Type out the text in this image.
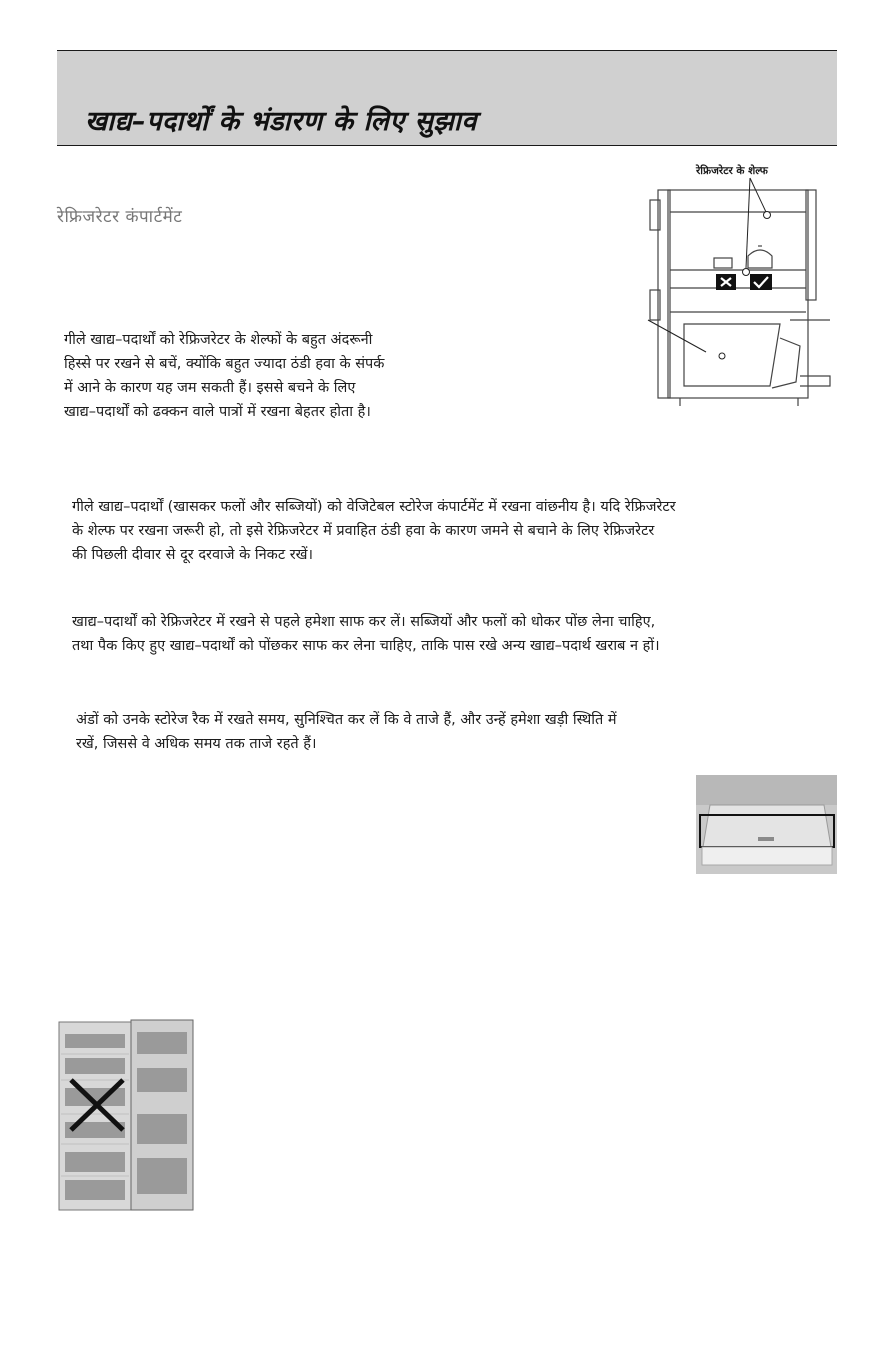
खाद्य–पदार्थों के भंडारण के लिए सुझाव
रेफ्रिजरेटर कंपार्टमेंट
रेफ्रिजरेटर के शेल्फ

गीले खाद्य–पदार्थों को रेफ्रिजरेटर के शेल्फों के बहुत अंदरूनी
हिस्से पर रखने से बचें, क्योंकि बहुत ज्यादा ठंडी हवा के संपर्क
में आने के कारण यह जम सकती हैं। इससे बचने के लिए
खाद्य–पदार्थों को ढक्कन वाले पात्रों में रखना बेहतर होता है।

गीले खाद्य–पदार्थों (खासकर फलों और सब्जियों) को वेजिटेबल स्टोरेज कंपार्टमेंट में रखना वांछनीय है। यदि रेफ्रिजरेटर
के शेल्फ पर रखना जरूरी हो, तो इसे रेफ्रिजरेटर में प्रवाहित ठंडी हवा के कारण जमने से बचाने के लिए रेफ्रिजरेटर
की पिछली दीवार से दूर दरवाजे के निकट रखें।

खाद्य–पदार्थों को रेफ्रिजरेटर में रखने से पहले हमेशा साफ कर लें। सब्जियों और फलों को धोकर पोंछ लेना चाहिए,
तथा पैक किए हुए खाद्य–पदार्थों को पोंछकर साफ कर लेना चाहिए, ताकि पास रखे अन्य खाद्य–पदार्थ खराब न हों।

अंडों को उनके स्टोरेज रैक में रखते समय, सुनिश्चित कर लें कि वे ताजे हैं, और उन्हें हमेशा खड़ी स्थिति में
रखें, जिससे वे अधिक समय तक ताजे रहते हैं।
